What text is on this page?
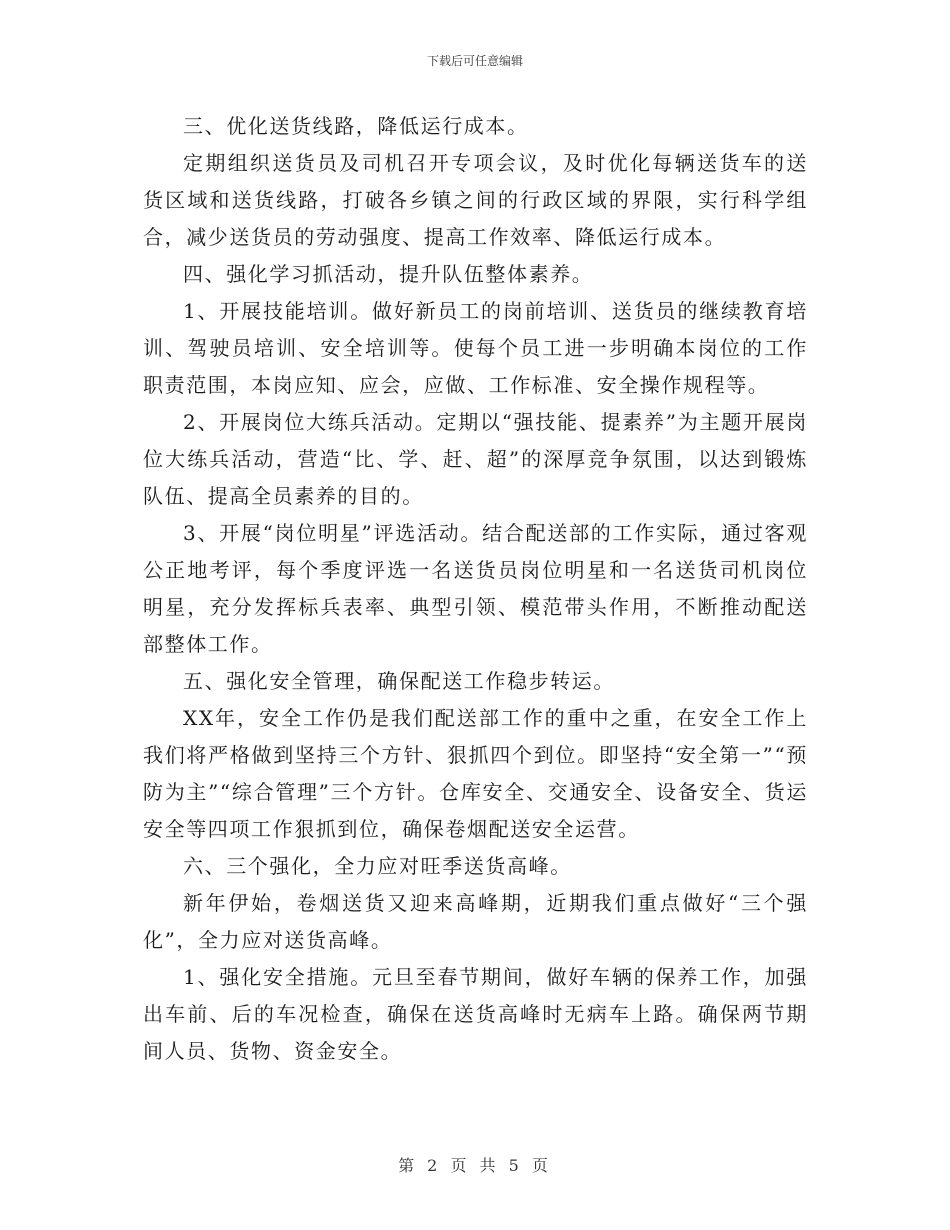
下载后可任意编辑

三、优化送货线路，降低运行成本。

定期组织送货员及司机召开专项会议，及时优化每辆送货车的送货区域和送货线路，打破各乡镇之间的行政区域的界限，实行科学组合，减少送货员的劳动强度、提高工作效率、降低运行成本。

四、强化学习抓活动，提升队伍整体素养。

1、开展技能培训。做好新员工的岗前培训、送货员的继续教育培训、驾驶员培训、安全培训等。使每个员工进一步明确本岗位的工作职责范围，本岗应知、应会，应做、工作标准、安全操作规程等。

2、开展岗位大练兵活动。定期以“强技能、提素养”为主题开展岗位大练兵活动，营造“比、学、赶、超”的深厚竞争氛围，以达到锻炼队伍、提高全员素养的目的。

3、开展“岗位明星”评选活动。结合配送部的工作实际，通过客观公正地考评，每个季度评选一名送货员岗位明星和一名送货司机岗位明星，充分发挥标兵表率、典型引领、模范带头作用，不断推动配送部整体工作。

五、强化安全管理，确保配送工作稳步转运。

XX年，安全工作仍是我们配送部工作的重中之重，在安全工作上我们将严格做到坚持三个方针、狠抓四个到位。即坚持“安全第一”“预防为主”“综合管理”三个方针。仓库安全、交通安全、设备安全、货运安全等四项工作狠抓到位，确保卷烟配送安全运营。

六、三个强化，全力应对旺季送货高峰。

新年伊始，卷烟送货又迎来高峰期，近期我们重点做好“三个强化”，全力应对送货高峰。

1、强化安全措施。元旦至春节期间，做好车辆的保养工作，加强出车前、后的车况检查，确保在送货高峰时无病车上路。确保两节期间人员、货物、资金安全。

第 2 页 共 5 页
